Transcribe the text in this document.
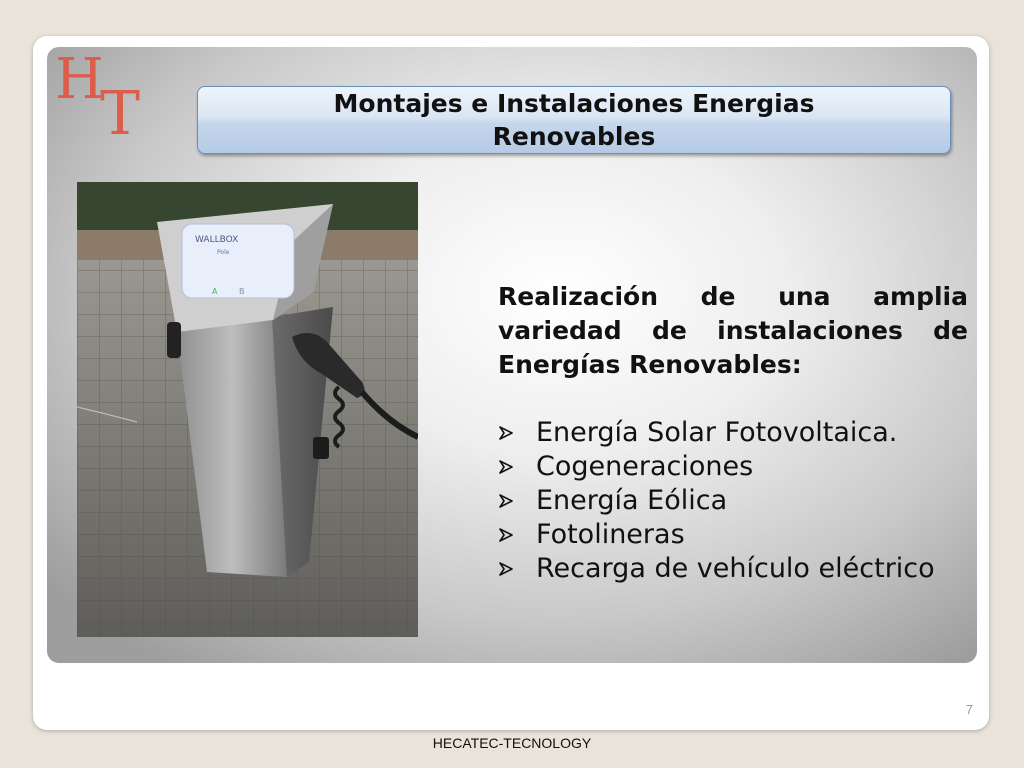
H
T	Montajes e Instalaciones Energias Renovables
WALLBOX
Pole
A	B	Realización de una amplia variedad de instalaciones de Energías Renovables:

Energía Solar Fotovoltaica.
Cogeneraciones
Energía Eólica
Fotolineras
Recarga de vehículo eléctrico
7
HECATEC-TECNOLOGY
